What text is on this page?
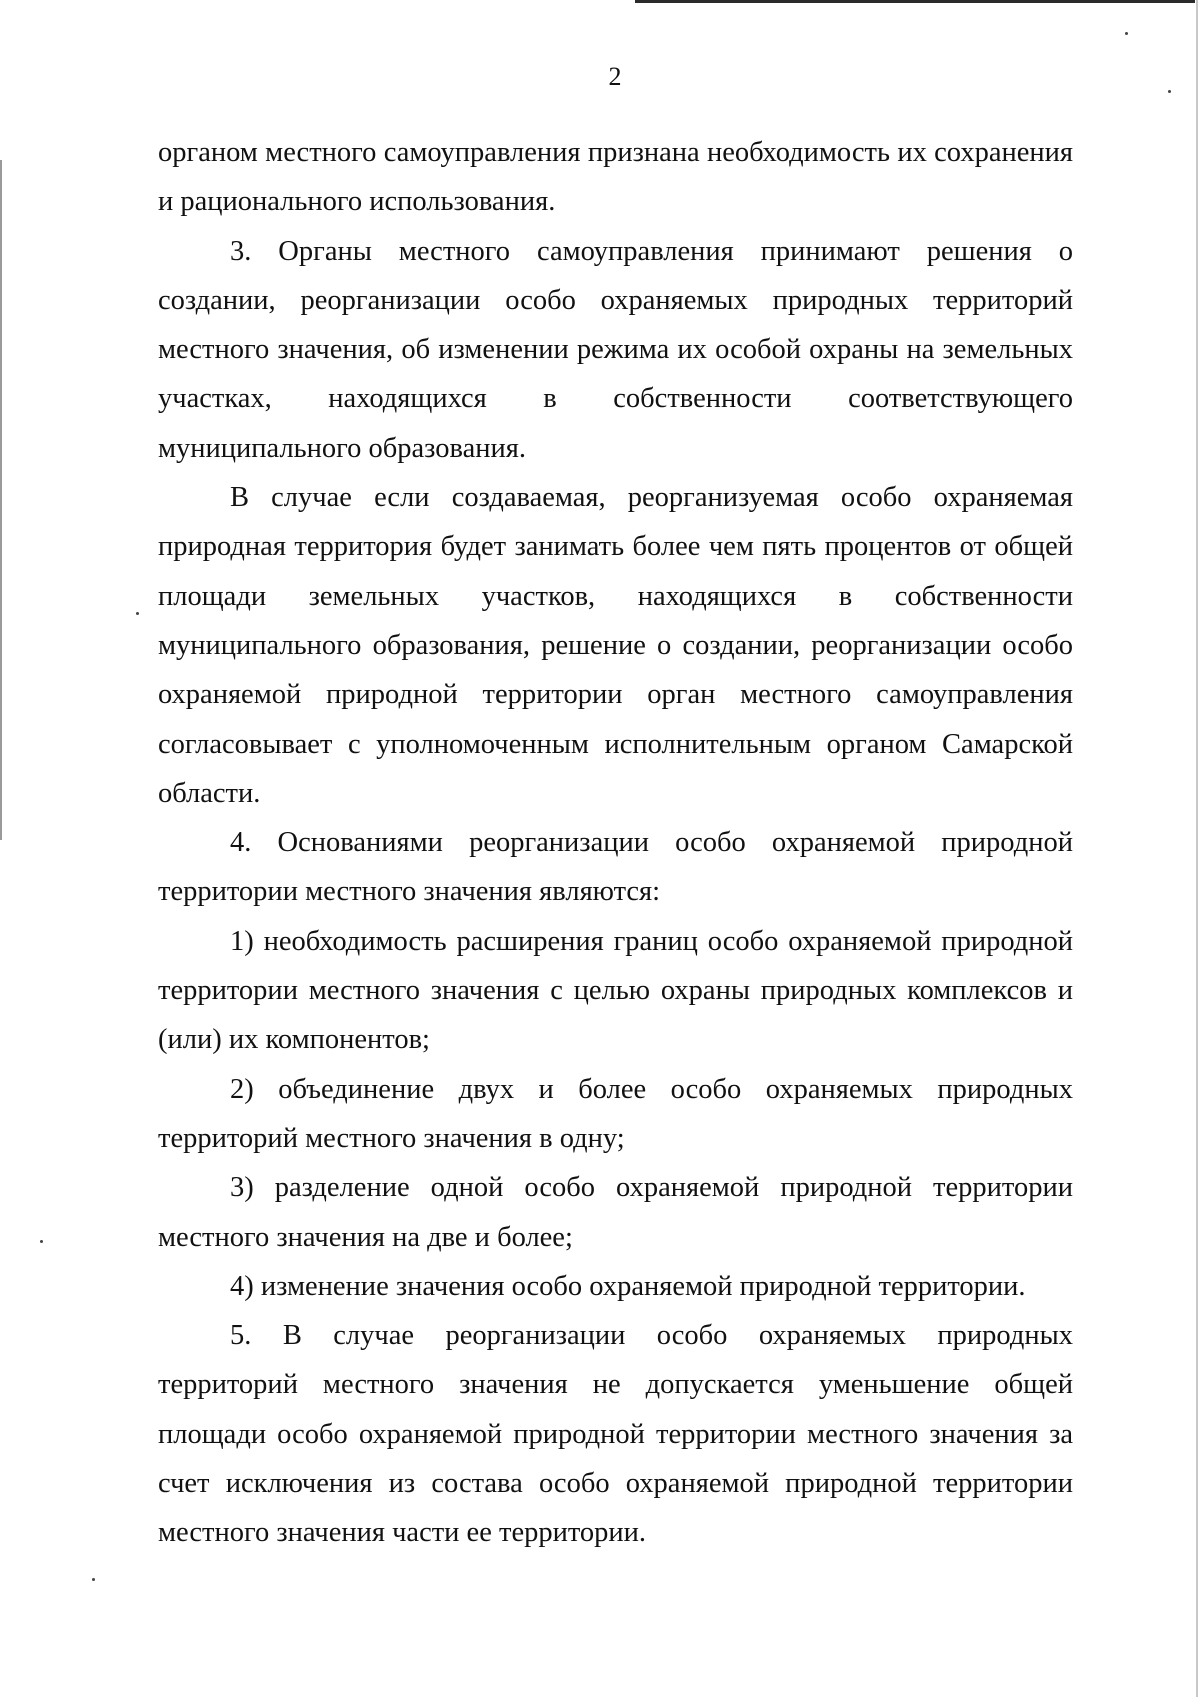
2

органом местного самоуправления признана необходимость их сохранения и рационального использования.

3. Органы местного самоуправления принимают решения о создании, реорганизации особо охраняемых природных территорий местного значения, об изменении режима их особой охраны на земельных участках, находящихся в собственности соответствующего муниципального образования.

В случае если создаваемая, реорганизуемая особо охраняемая природная территория будет занимать более чем пять процентов от общей площади земельных участков, находящихся в собственности муниципального образования, решение о создании, реорганизации особо охраняемой природной территории орган местного самоуправления согласовывает с уполномоченным исполнительным органом Самарской области.

4. Основаниями реорганизации особо охраняемой природной территории местного значения являются:

1) необходимость расширения границ особо охраняемой природной территории местного значения с целью охраны природных комплексов и (или) их компонентов;

2) объединение двух и более особо охраняемых природных территорий местного значения в одну;

3) разделение одной особо охраняемой природной территории местного значения на две и более;

4) изменение значения особо охраняемой природной территории.

5. В случае реорганизации особо охраняемых природных территорий местного значения не допускается уменьшение общей площади особо охраняемой природной территории местного значения за счет исключения из состава особо охраняемой природной территории местного значения части ее территории.
